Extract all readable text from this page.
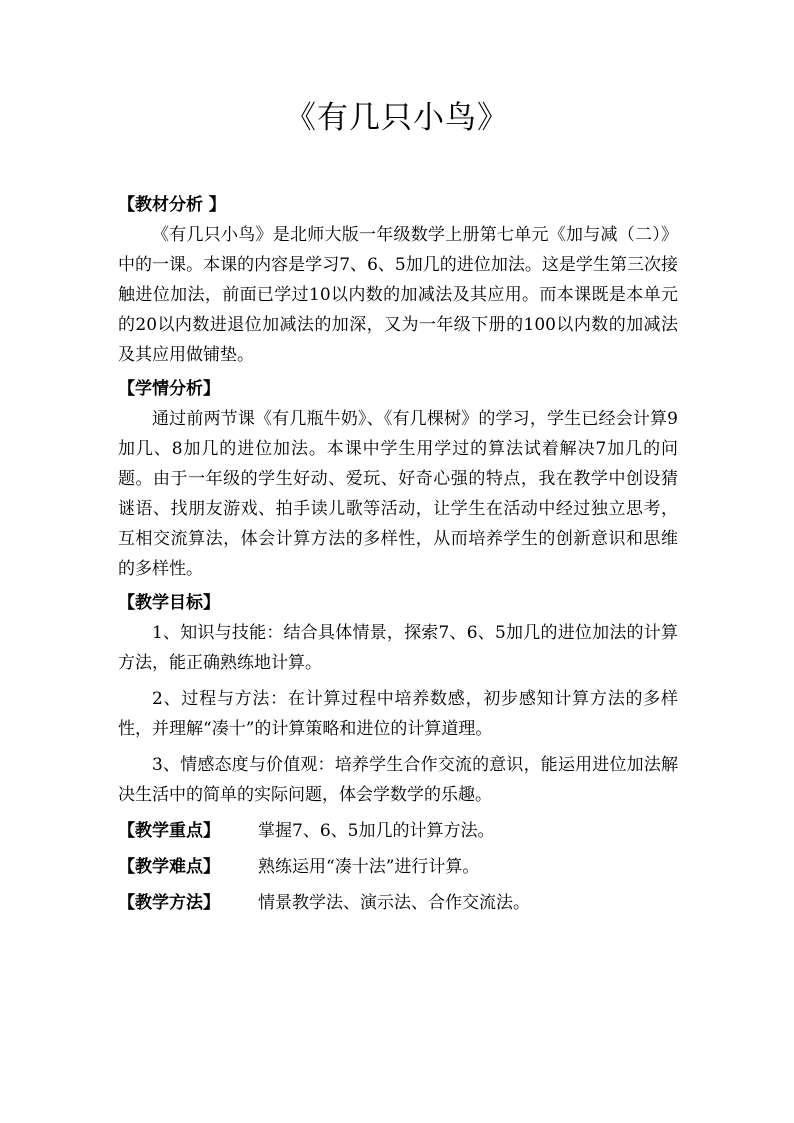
《有几只小鸟》
【教材分析 】

《有几只小鸟》是北师大版一年级数学上册第七单元《加与减（二）》中的一课。本课的内容是学习7、6、5加几的进位加法。这是学生第三次接触进位加法，前面已学过10以内数的加减法及其应用。而本课既是本单元的20以内数进退位加减法的加深，又为一年级下册的100以内数的加减法及其应用做铺垫。

【学情分析】

通过前两节课《有几瓶牛奶》、《有几棵树》的学习，学生已经会计算9加几、8加几的进位加法。本课中学生用学过的算法试着解决7加几的问题。由于一年级的学生好动、爱玩、好奇心强的特点，我在教学中创设猜谜语、找朋友游戏、拍手读儿歌等活动，让学生在活动中经过独立思考，互相交流算法，体会计算方法的多样性，从而培养学生的创新意识和思维的多样性。

【教学目标】
1、知识与技能：结合具体情景，探索7、6、5加几的进位加法的计算方法，能正确熟练地计算。
2、过程与方法：在计算过程中培养数感，初步感知计算方法的多样性，并理解“凑十”的计算策略和进位的计算道理。
3、情感态度与价值观：培养学生合作交流的意识，能运用进位加法解决生活中的简单的实际问题，体会学数学的乐趣。
【教学重点】	掌握7、6、5加几的计算方法。
【教学难点】	熟练运用“凑十法”进行计算。
【教学方法】	情景教学法、演示法、合作交流法。
